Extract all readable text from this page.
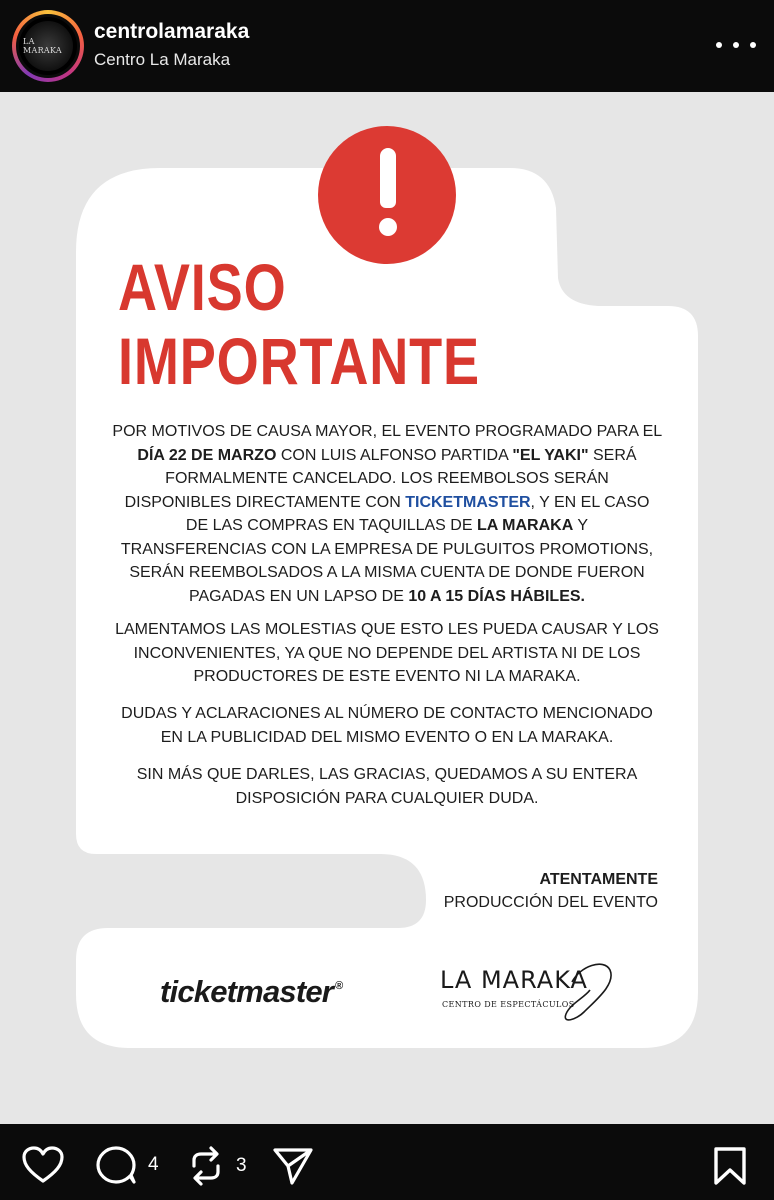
LA MARAKA
centrolamaraka
Centro La Maraka
AVISO
IMPORTANTE
POR MOTIVOS DE CAUSA MAYOR, EL EVENTO PROGRAMADO PARA EL DÍA 22 DE MARZO CON LUIS ALFONSO PARTIDA "EL YAKI" SERÁ FORMALMENTE CANCELADO. LOS REEMBOLSOS SERÁN DISPONIBLES DIRECTAMENTE CON TICKETMASTER, Y EN EL CASO DE LAS COMPRAS EN TAQUILLAS DE LA MARAKA Y TRANSFERENCIAS CON LA EMPRESA DE PULGUITOS PROMOTIONS, SERÁN REEMBOLSADOS A LA MISMA CUENTA DE DONDE FUERON PAGADAS EN UN LAPSO DE 10 A 15 DÍAS HÁBILES.
LAMENTAMOS LAS MOLESTIAS QUE ESTO LES PUEDA CAUSAR Y LOS INCONVENIENTES, YA QUE NO DEPENDE DEL ARTISTA NI DE LOS PRODUCTORES DE ESTE EVENTO NI LA MARAKA.
DUDAS Y ACLARACIONES AL NÚMERO DE CONTACTO MENCIONADO EN LA PUBLICIDAD DEL MISMO EVENTO O EN LA MARAKA.
SIN MÁS QUE DARLES, LAS GRACIAS, QUEDAMOS A SU ENTERA DISPOSICIÓN PARA CUALQUIER DUDA.
ATENTAMENTE
PRODUCCIÓN DEL EVENTO
ticketmaster ®	LA MARAKA
CENTRO DE ESPECTÁCULOS
4	3
